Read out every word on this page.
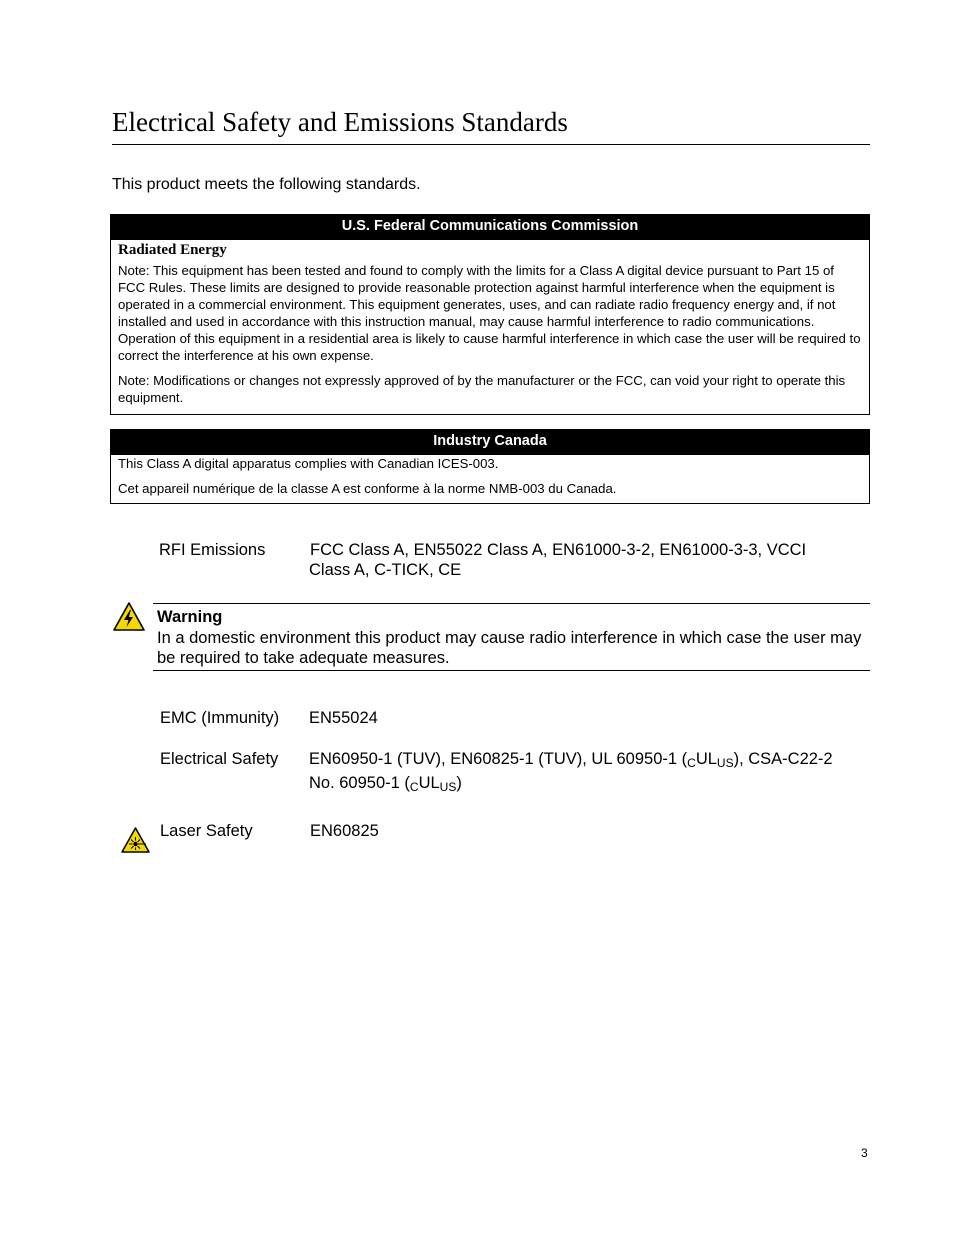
Electrical Safety and Emissions Standards
This product meets the following standards.
U.S. Federal Communications Commission
Radiated Energy

Note: This equipment has been tested and found to comply with the limits for a Class A digital device pursuant to Part 15 of FCC Rules. These limits are designed to provide reasonable protection against harmful interference when the equipment is operated in a commercial environment. This equipment generates, uses, and can radiate radio frequency energy and, if not installed and used in accordance with this instruction manual, may cause harmful interference to radio communications. Operation of this equipment in a residential area is likely to cause harmful interference in which case the user will be required to correct the interference at his own expense.

Note: Modifications or changes not expressly approved of by the manufacturer or the FCC, can void your right to operate this equipment.

Industry Canada

This Class A digital apparatus complies with Canadian ICES-003.

Cet appareil numérique de la classe A est conforme à la norme NMB-003 du Canada.

RFI Emissions	FCC Class A, EN55022 Class A, EN61000-3-2, EN61000-3-3, VCCI
Class A, C-TICK, CE
Warning
In a domestic environment this product may cause radio interference in which case the user may be required to take adequate measures.
EMC (Immunity) EN55024
Electrical Safety EN60950-1 (TUV), EN60825-1 (TUV), UL 60950-1 $(_CUL_{US})$, CSA-C22-2
No. 60950-1 $(_CUL_{US})$
Laser Safety	EN60825
3
